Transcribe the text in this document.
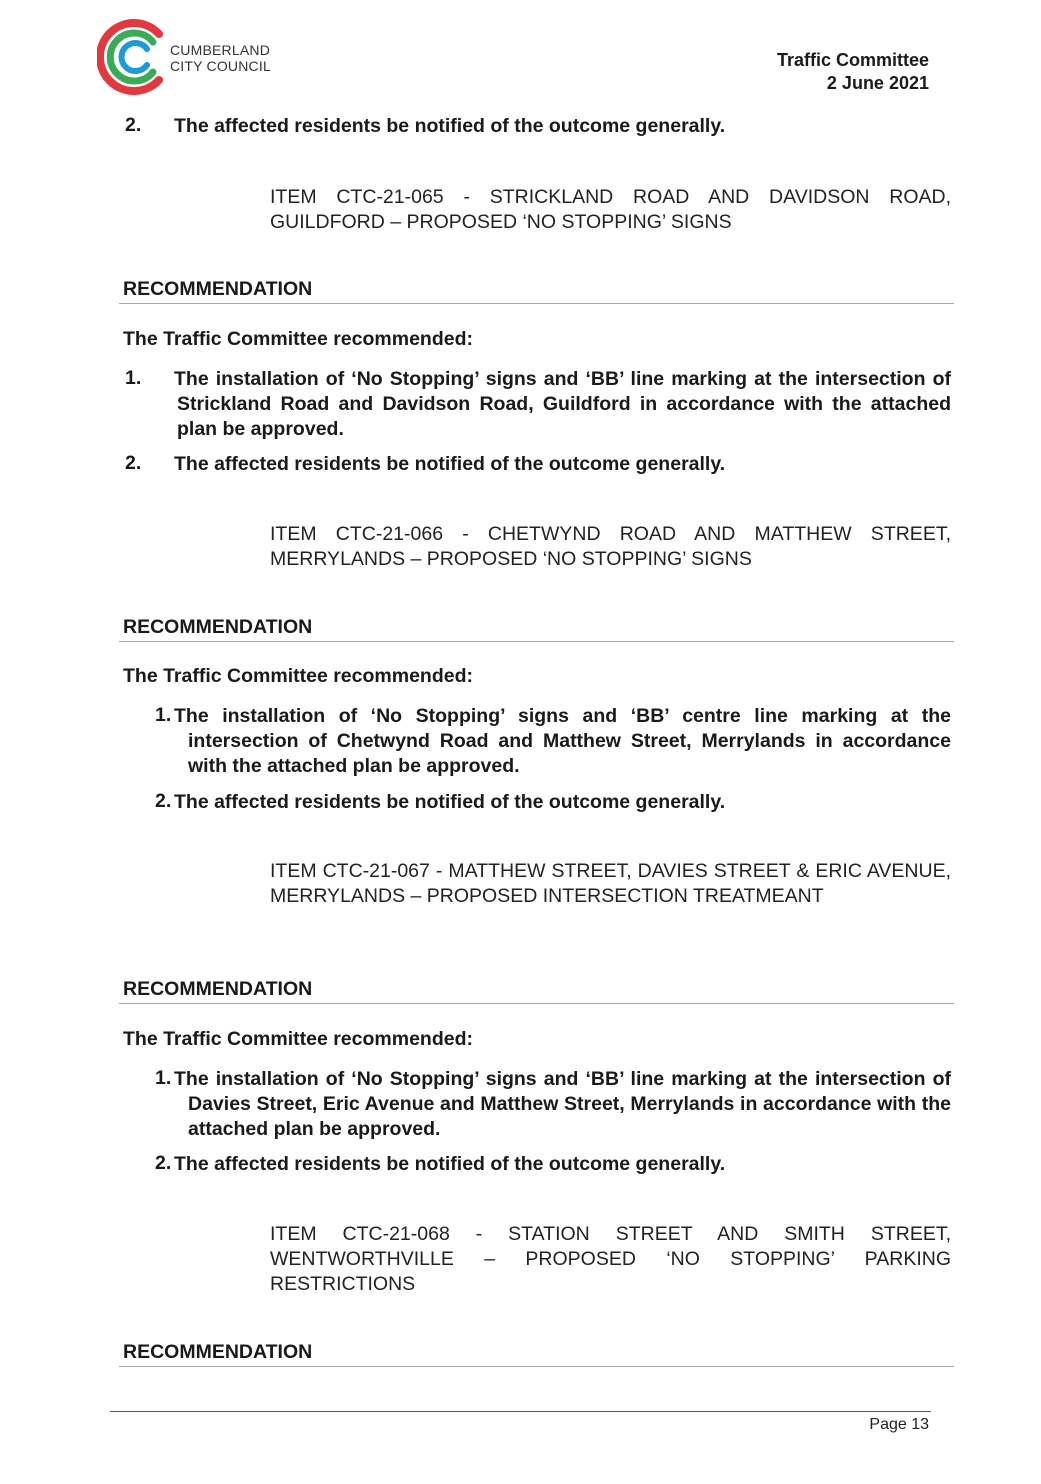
CUMBERLAND
CITY COUNCIL	Traffic Committee
2 June 2021
2. The affected residents be notified of the outcome generally.
ITEM CTC-21-065 - STRICKLAND ROAD AND DAVIDSON ROAD, GUILDFORD – PROPOSED ‘NO STOPPING’ SIGNS
RECOMMENDATION
The Traffic Committee recommended:
1. The installation of ‘No Stopping’ signs and ‘BB’ line marking at the intersection of Strickland Road and Davidson Road, Guildford in accordance with the attached plan be approved.
2. The affected residents be notified of the outcome generally.
ITEM CTC-21-066 - CHETWYND ROAD AND MATTHEW STREET, MERRYLANDS – PROPOSED ‘NO STOPPING’ SIGNS
RECOMMENDATION
The Traffic Committee recommended:
1. The installation of ‘No Stopping’ signs and ‘BB’ centre line marking at the intersection of Chetwynd Road and Matthew Street, Merrylands in accordance with the attached plan be approved.
2. The affected residents be notified of the outcome generally.
ITEM CTC-21-067 - MATTHEW STREET, DAVIES STREET & ERIC AVENUE, MERRYLANDS – PROPOSED INTERSECTION TREATMEANT
RECOMMENDATION
The Traffic Committee recommended:
1. The installation of ‘No Stopping’ signs and ‘BB’ line marking at the intersection of Davies Street, Eric Avenue and Matthew Street, Merrylands in accordance with the attached plan be approved.
2. The affected residents be notified of the outcome generally.
ITEM CTC-21-068 - STATION STREET AND SMITH STREET, WENTWORTHVILLE – PROPOSED ‘NO STOPPING’ PARKING RESTRICTIONS
RECOMMENDATION
Page 13
